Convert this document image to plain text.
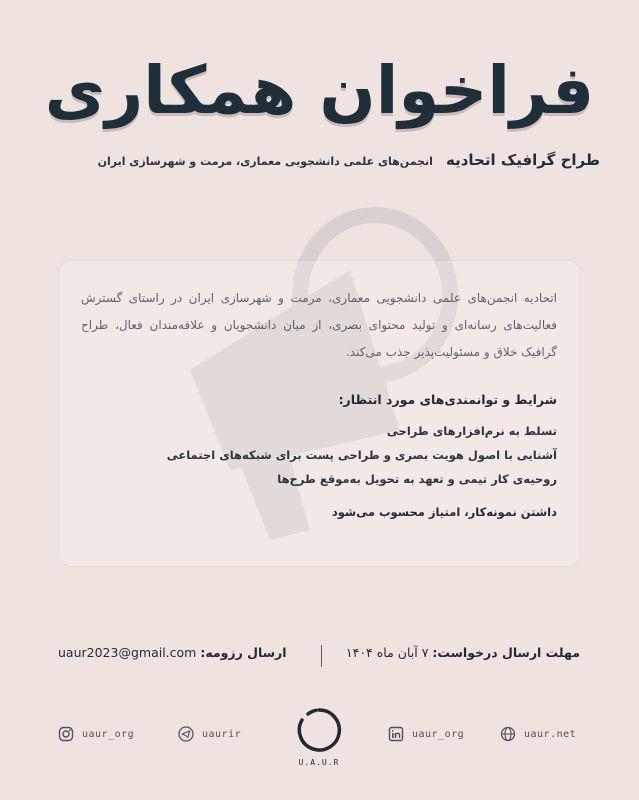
فراخوان همکاری
طراح گرافیک اتحادیه انجمن‌های علمی دانشجویی معماری، مرمت و شهرسازی ایران

اتحادیه انجمن‌های علمی دانشجویی معماری، مرمت و شهرسازی ایران در راستای گسترش فعالیت‌های رسانه‌ای و تولید محتوای بصری، از میان دانشجویان و علاقه‌مندان فعال، طراح گرافیک خلاق و مسئولیت‌پذیر جذب می‌کند.

شرایط و توانمندی‌های مورد انتظار:
تسلط به نرم‌افزارهای طراحی
آشنایی با اصول هویت بصری و طراحی پست برای شبکه‌های اجتماعی
روحیه‌ی کار تیمی و تعهد به تحویل به‌موقع طرح‌ها
داشتن نمونه‌کار، امتیاز محسوب می‌شود
مهلت ارسال درخواست: ۷ آبان ماه ۱۴۰۴
ارسال رزومه: uaur2023@gmail.com
uaur_org	uaurir
U.A.U.R
uaur_org	uaur.net
